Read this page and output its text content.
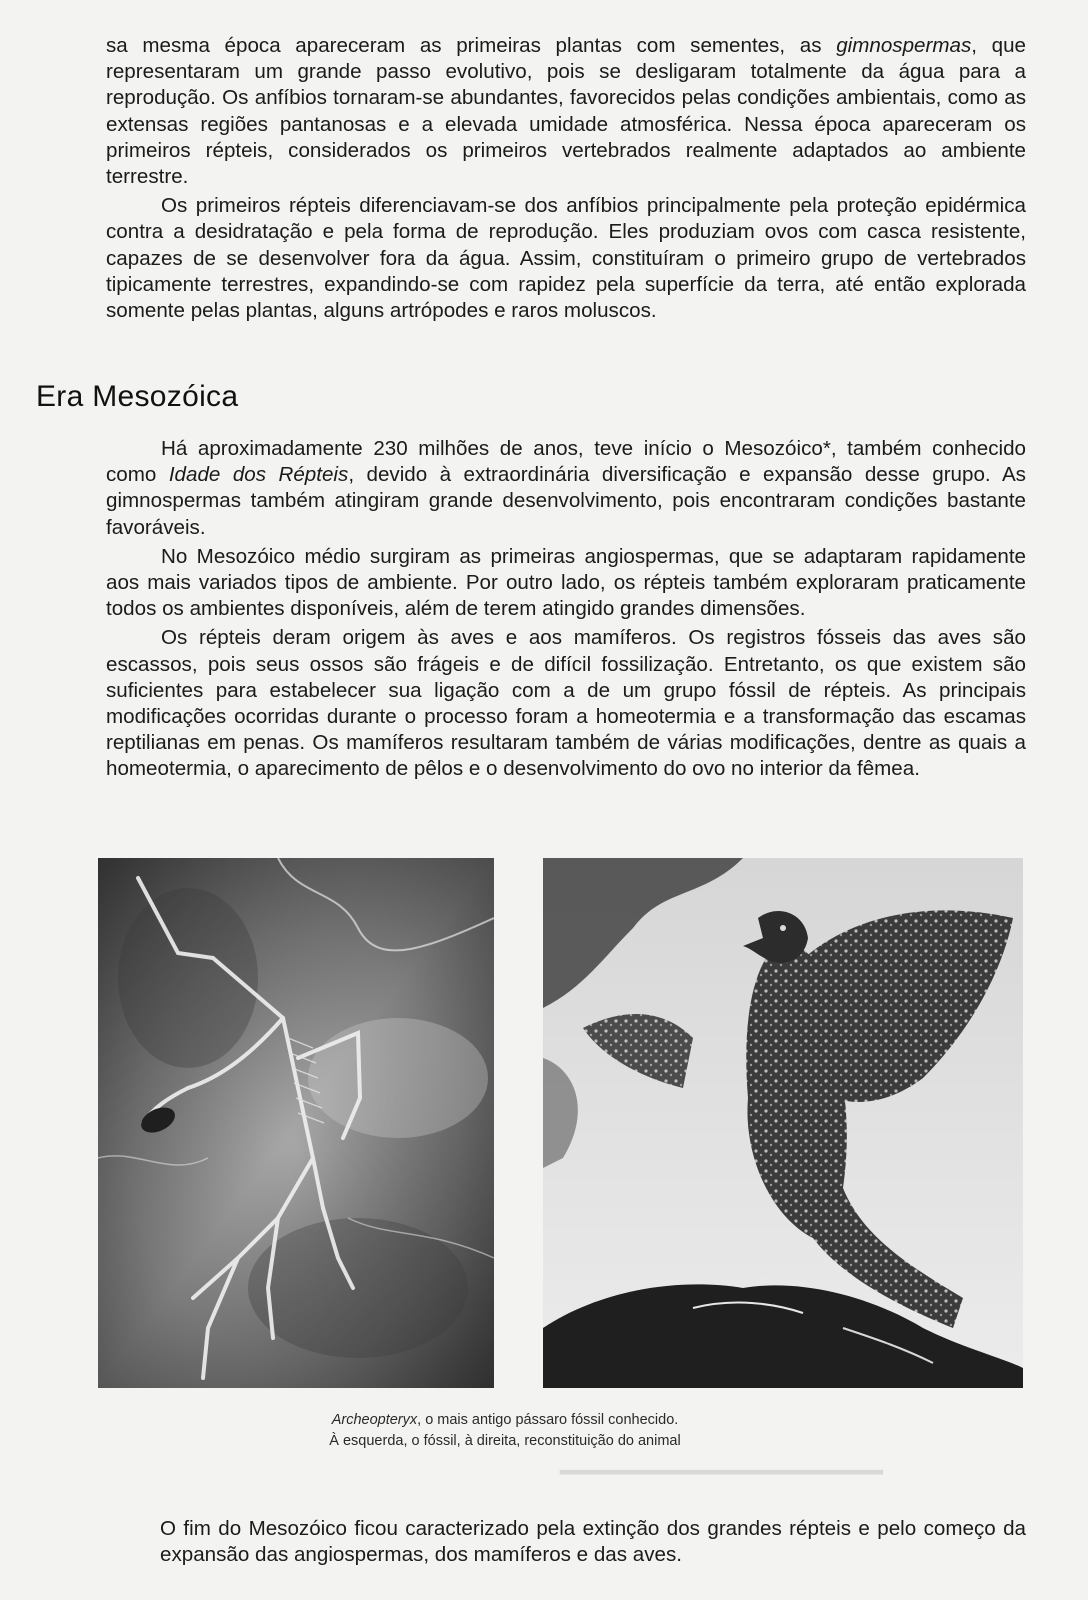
▁▁▁▁▁▁▁▁▁▁▁▁▁▁

sa mesma época apareceram as primeiras plantas com sementes, as gimnospermas, que representaram um grande passo evolutivo, pois se desligaram totalmente da água para a reprodução. Os anfíbios tornaram-se abundantes, favorecidos pelas condições ambientais, como as extensas regiões pantanosas e a elevada umidade atmosférica. Nessa época apareceram os primeiros répteis, considerados os primeiros vertebrados realmente adaptados ao ambiente terrestre.

Os primeiros répteis diferenciavam-se dos anfíbios principalmente pela proteção epidérmica contra a desidratação e pela forma de reprodução. Eles produziam ovos com casca resistente, capazes de se desenvolver fora da água. Assim, constituíram o primeiro grupo de vertebrados tipicamente terrestres, expandindo-se com rapidez pela superfície da terra, até então explorada somente pelas plantas, alguns artrópodes e raros moluscos.

Era Mesozóica

Há aproximadamente 230 milhões de anos, teve início o Mesozóico*, também conhecido como Idade dos Répteis, devido à extraordinária diversificação e expansão desse grupo. As gimnospermas também atingiram grande desenvolvimento, pois encontraram condições bastante favoráveis.

No Mesozóico médio surgiram as primeiras angiospermas, que se adaptaram rapidamente aos mais variados tipos de ambiente. Por outro lado, os répteis também exploraram praticamente todos os ambientes disponíveis, além de terem atingido grandes dimensões.

Os répteis deram origem às aves e aos mamíferos. Os registros fósseis das aves são escassos, pois seus ossos são frágeis e de difícil fossilização. Entretanto, os que existem são suficientes para estabelecer sua ligação com a de um grupo fóssil de répteis. As principais modificações ocorridas durante o processo foram a homeotermia e a transformação das escamas reptilianas em penas. Os mamíferos resultaram também de várias modificações, dentre as quais a homeotermia, o aparecimento de pêlos e o desenvolvimento do ovo no interior da fêmea.

Archeopteryx, o mais antigo pássaro fóssil conhecido.
À esquerda, o fóssil, à direita, reconstituição do animal

O fim do Mesozóico ficou caracterizado pela extinção dos grandes répteis e pelo começo da expansão das angiospermas, dos mamíferos e das aves.
